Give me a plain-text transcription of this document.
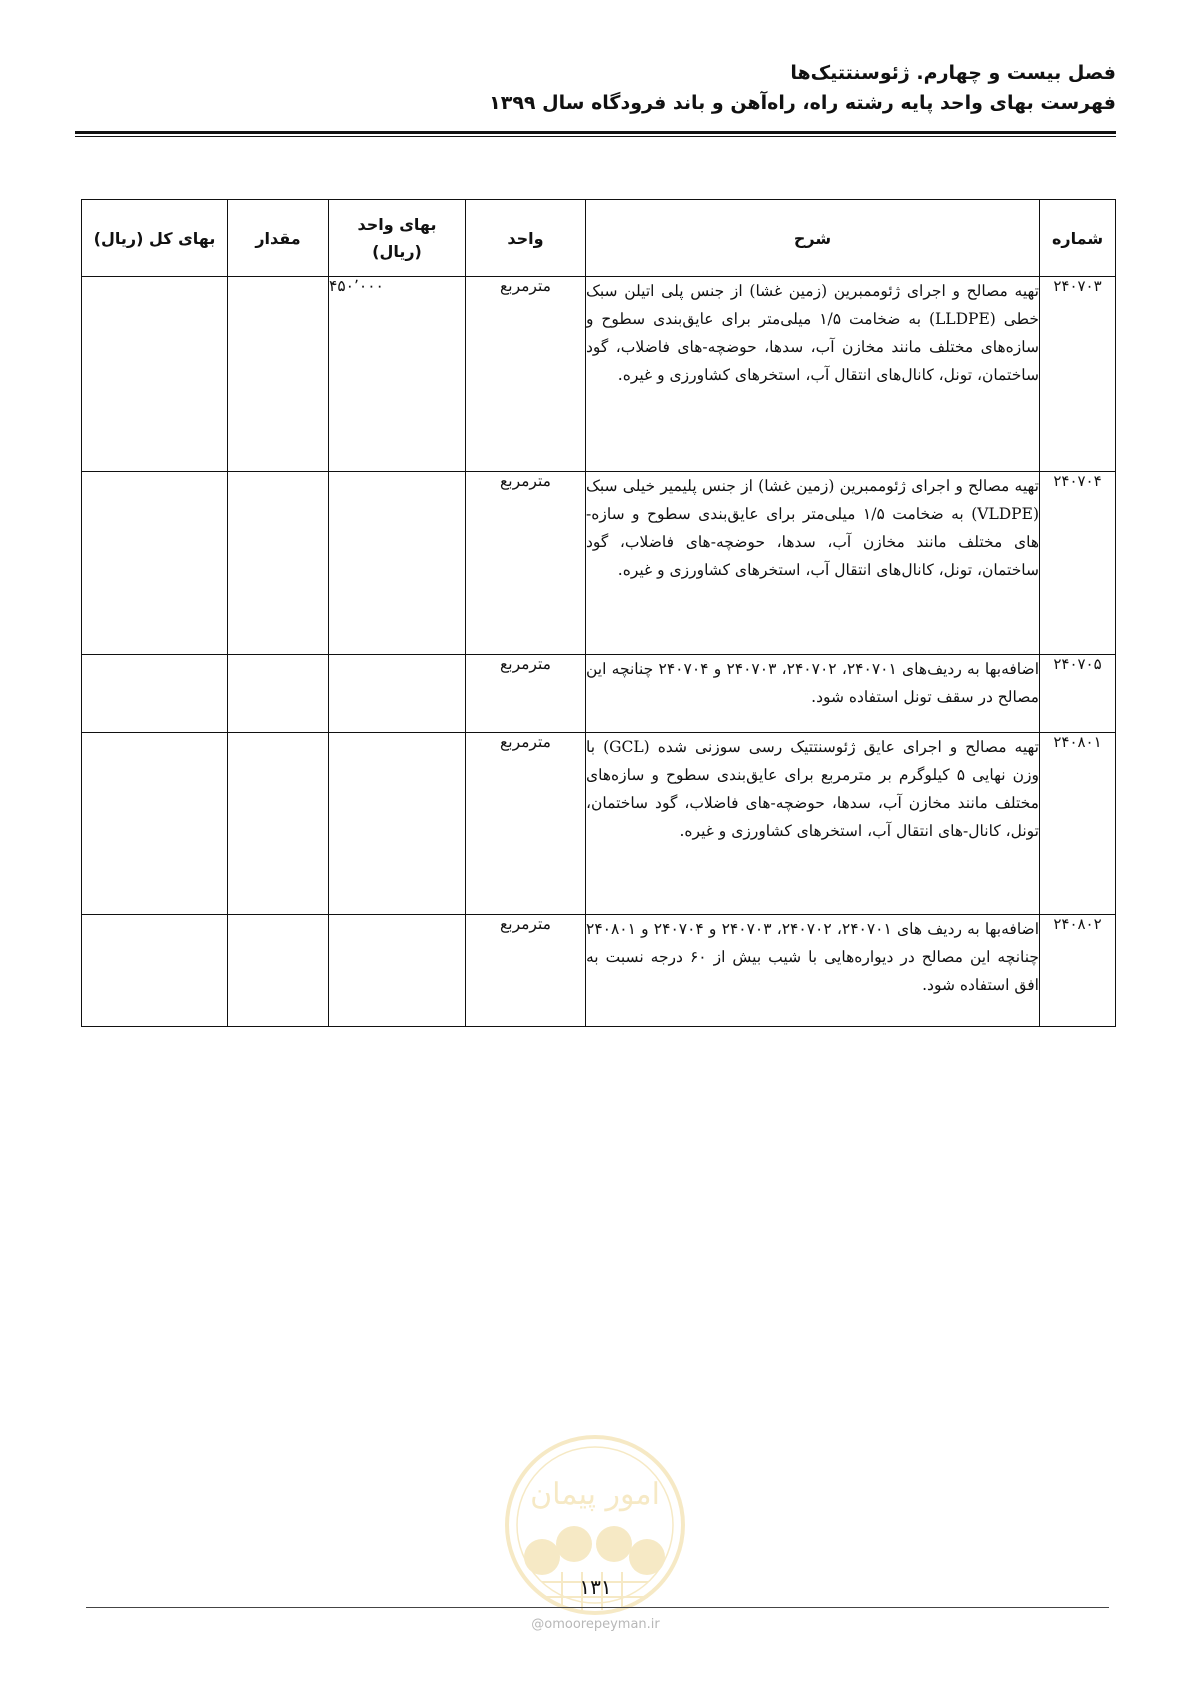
فصل بیست و چهارم. ژئوسنتتیک‌ها
فهرست بهای واحد پایه رشته راه، راه‌آهن و باند فرودگاه سال ۱۳۹۹
شماره	شرح	واحد	بهای واحد (ریال)	مقدار	بهای کل (ریال)
۲۴۰۷۰۳	تهیه مصالح و اجرای ژئوممبرین (زمین غشا) از جنس پلی اتیلن سبک خطی (LLDPE) به ضخامت ۱/۵ میلی‌متر برای عایق‌بندی سطوح و سازه‌های مختلف مانند مخازن آب، سدها، حوضچه‌-های فاضلاب، گود ساختمان، تونل، کانال‌های انتقال آب، استخرهای کشاورزی و غیره.	مترمربع	۴۵۰٬۰۰۰		
۲۴۰۷۰۴	تهیه مصالح و اجرای ژئوممبرین (زمین غشا) از جنس پلیمیر خیلی سبک (VLDPE) به ضخامت ۱/۵ میلی‌متر برای عایق‌بندی سطوح و سازه‌-های مختلف مانند مخازن آب، سدها، حوضچه‌-های فاضلاب، گود ساختمان، تونل، کانال‌های انتقال آب، استخرهای کشاورزی و غیره.	مترمربع			
۲۴۰۷۰۵	اضافه‌بها به ردیف‌های ۲۴۰۷۰۱، ۲۴۰۷۰۲، ۲۴۰۷۰۳ و ۲۴۰۷۰۴ چنانچه این مصالح در سقف تونل استفاده شود.	مترمربع			
۲۴۰۸۰۱	تهیه مصالح و اجرای عایق ژئوسنتتیک رسی سوزنی شده (GCL) با وزن نهایی ۵ کیلوگرم بر مترمربع برای عایق‌بندی سطوح و سازه‌های مختلف مانند مخازن آب، سدها، حوضچه‌-های فاضلاب، گود ساختمان، تونل، کانال‌-های انتقال آب، استخرهای کشاورزی و غیره.	مترمربع			
۲۴۰۸۰۲	اضافه‌بها به ردیف های ۲۴۰۷۰۱، ۲۴۰۷۰۲، ۲۴۰۷۰۳ و ۲۴۰۷۰۴ و ۲۴۰۸۰۱ چنانچه این مصالح در دیواره‌هایی با شیب بیش از ۶۰ درجه نسبت به افق استفاده شود.	مترمربع			
امور پیمان
۱۳۱
@omoorepeyman.ir
